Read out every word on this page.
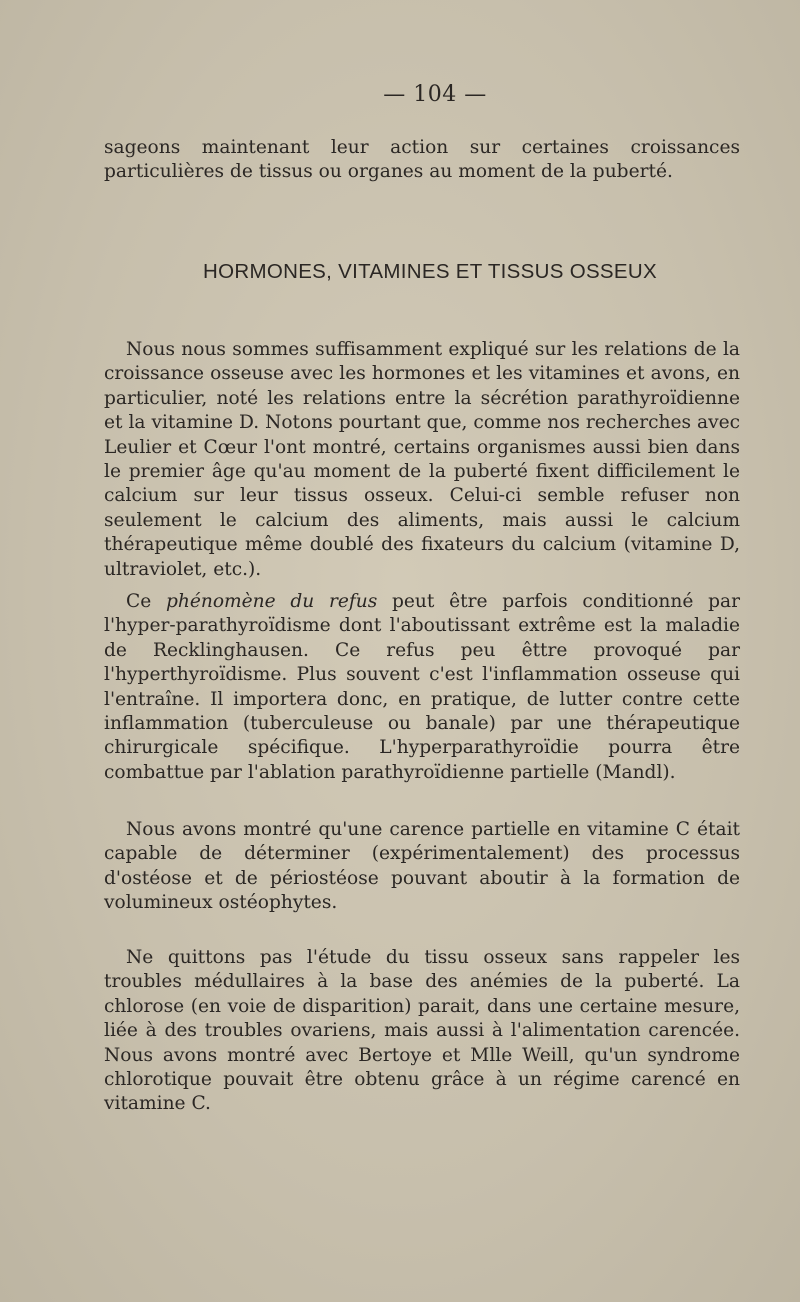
— 104 —

sageons maintenant leur action sur certaines croissances particulières de tissus ou organes au moment de la puberté.

HORMONES, VITAMINES ET TISSUS OSSEUX

Nous nous sommes suffisamment expliqué sur les relations de la croissance osseuse avec les hormones et les vitamines et avons, en particulier, noté les relations entre la sécrétion parathyroïdienne et la vitamine D. Notons pourtant que, comme nos recherches avec Leulier et Cœur l'ont montré, certains organismes aussi bien dans le premier âge qu'au moment de la puberté fixent difficilement le calcium sur leur tissus osseux. Celui-ci semble refuser non seulement le calcium des aliments, mais aussi le calcium thérapeutique même doublé des fixateurs du calcium (vitamine D, ultraviolet, etc.).

Ce phénomène du refus peut être parfois conditionné par l'hyper-parathyroïdisme dont l'aboutissant extrême est la maladie de Recklinghausen. Ce refus peu êttre provoqué par l'hyperthyroïdisme. Plus souvent c'est l'inflammation osseuse qui l'entraîne. Il importera donc, en pratique, de lutter contre cette inflammation (tuberculeuse ou banale) par une thérapeutique chirurgicale spécifique. L'hyperparathyroïdie pourra être combattue par l'ablation parathyroïdienne partielle (Mandl).

Nous avons montré qu'une carence partielle en vitamine C était capable de déterminer (expérimentalement) des processus d'ostéose et de périostéose pouvant aboutir à la formation de volumineux ostéophytes.

Ne quittons pas l'étude du tissu osseux sans rappeler les troubles médullaires à la base des anémies de la puberté. La chlorose (en voie de disparition) parait, dans une certaine mesure, liée à des troubles ovariens, mais aussi à l'alimentation carencée. Nous avons montré avec Bertoye et Mlle Weill, qu'un syndrome chlorotique pouvait être obtenu grâce à un régime carencé en vitamine C.
